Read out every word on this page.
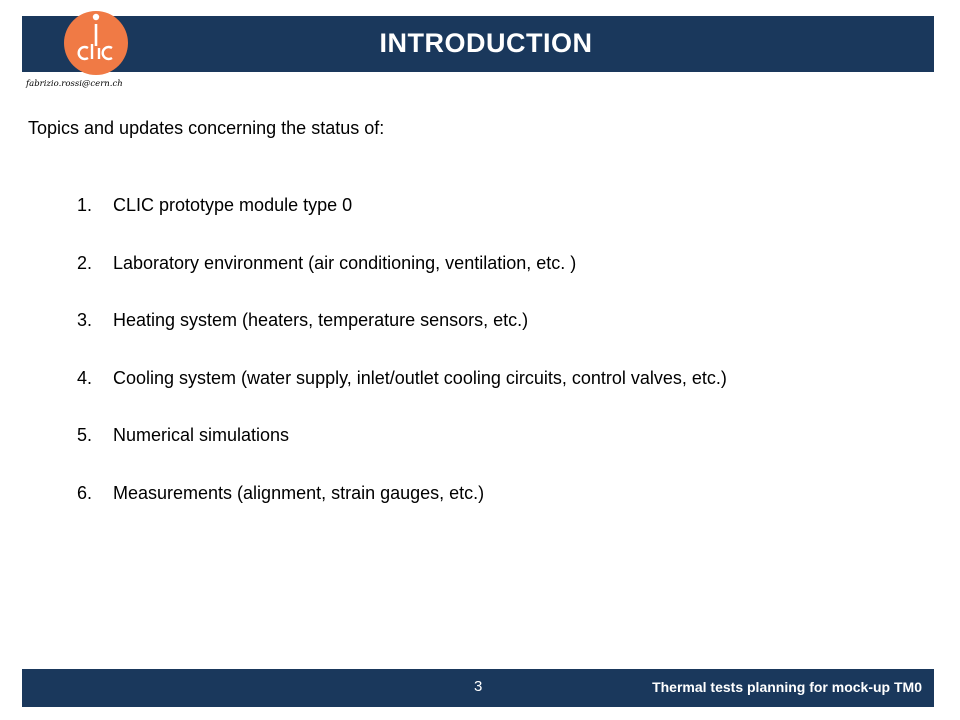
INTRODUCTION
fabrizio.rossi@cern.ch
Topics and updates concerning the status of:
1.	CLIC prototype module type 0
2.	Laboratory environment (air conditioning, ventilation, etc. )
3.	Heating system (heaters, temperature sensors, etc.)
4.	Cooling system (water supply, inlet/outlet cooling circuits, control valves, etc.)
5.	Numerical simulations
6.	Measurements (alignment, strain gauges, etc.)
3	Thermal tests planning for mock-up TM0
